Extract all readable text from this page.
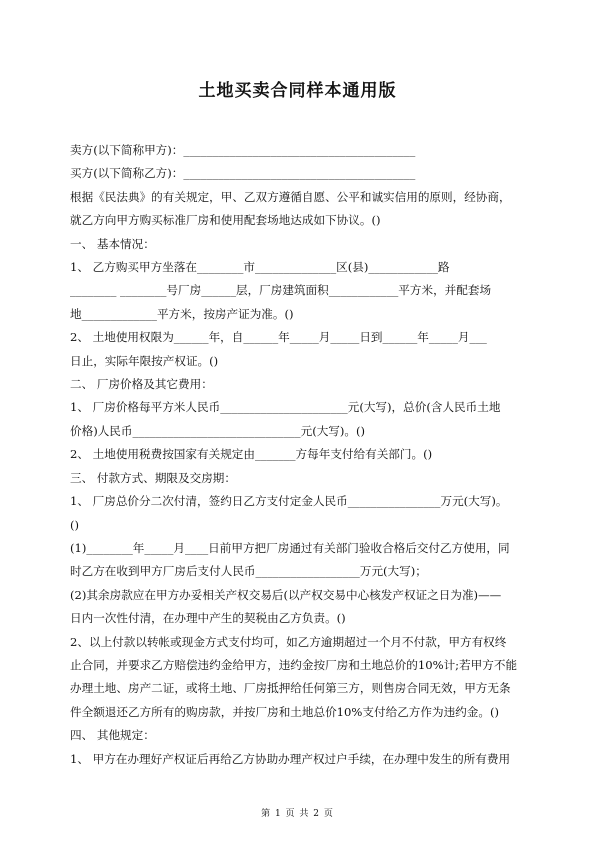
土地买卖合同样本通用版

卖方(以下简称甲方)：________________________________________

买方(以下简称乙方)：________________________________________

根据《民法典》的有关规定，甲、乙双方遵循自愿、公平和诚实信用的原则，经协商，

就乙方向甲方购买标准厂房和使用配套场地达成如下协议。()

一、 基本情况：

1、 乙方购买甲方坐落在________市______________区(县)____________路

________ ________号厂房______层，厂房建筑面积____________平方米，并配套场

地_____________平方米，按房产证为准。()

2、 土地使用权限为______年，自______年_____月_____日到______年_____月___

日止，实际年限按产权证。()

二、 厂房价格及其它费用：

1、 厂房价格每平方米人民币______________________元(大写)，总价(含人民币土地

价格)人民币_____________________________元(大写)。()

2、 土地使用税费按国家有关规定由_______方每年支付给有关部门。()

三、 付款方式、期限及交房期：

1、 厂房总价分二次付清，签约日乙方支付定金人民币________________万元(大写)。

()

(1)________年_____月____日前甲方把厂房通过有关部门验收合格后交付乙方使用，同

时乙方在收到甲方厂房后支付人民币__________________万元(大写)；

(2)其余房款应在甲方办妥相关产权交易后(以产权交易中心核发产权证之日为准)——

日内一次性付清，在办理中产生的契税由乙方负责。()

2、以上付款以转帐或现金方式支付均可，如乙方逾期超过一个月不付款，甲方有权终

止合同，并要求乙方赔偿违约金给甲方，违约金按厂房和土地总价的10%计;若甲方不能

办理土地、房产二证，或将土地、厂房抵押给任何第三方，则售房合同无效，甲方无条

件全额退还乙方所有的购房款，并按厂房和土地总价10%支付给乙方作为违约金。()

四、 其他规定：

1、 甲方在办理好产权证后再给乙方协助办理产权过户手续，在办理中发生的所有费用

第 1 页 共 2 页
